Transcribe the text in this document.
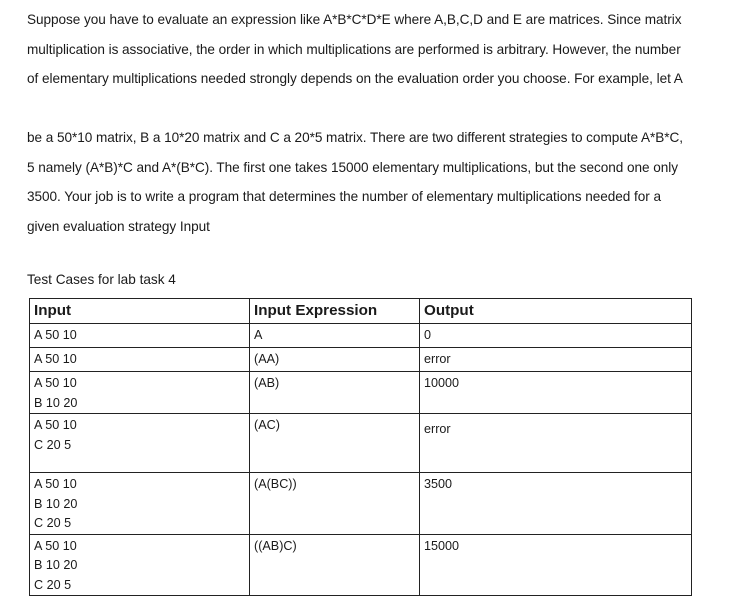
Suppose you have to evaluate an expression like A*B*C*D*E where A,B,C,D and E are matrices. Since matrix
multiplication is associative, the order in which multiplications are performed is arbitrary. However, the number
of elementary multiplications needed strongly depends on the evaluation order you choose. For example, let A
be a 50*10 matrix, B a 10*20 matrix and C a 20*5 matrix. There are two different strategies to compute A*B*C,
5 namely (A*B)*C and A*(B*C). The first one takes 15000 elementary multiplications, but the second one only
3500. Your job is to write a program that determines the number of elementary multiplications needed for a
given evaluation strategy Input
Test Cases for lab task 4
Input	Input Expression	Output

A 50 10	A	0

A 50 10	(AA)	error

A 50 10
B 10 20	(AB)	10000

A 50 10
C 20 5	(AC)	error

A 50 10
B 10 20
C 20 5	(A(BC))	3500

A 50 10
B 10 20
C 20 5	((AB)C)	15000
